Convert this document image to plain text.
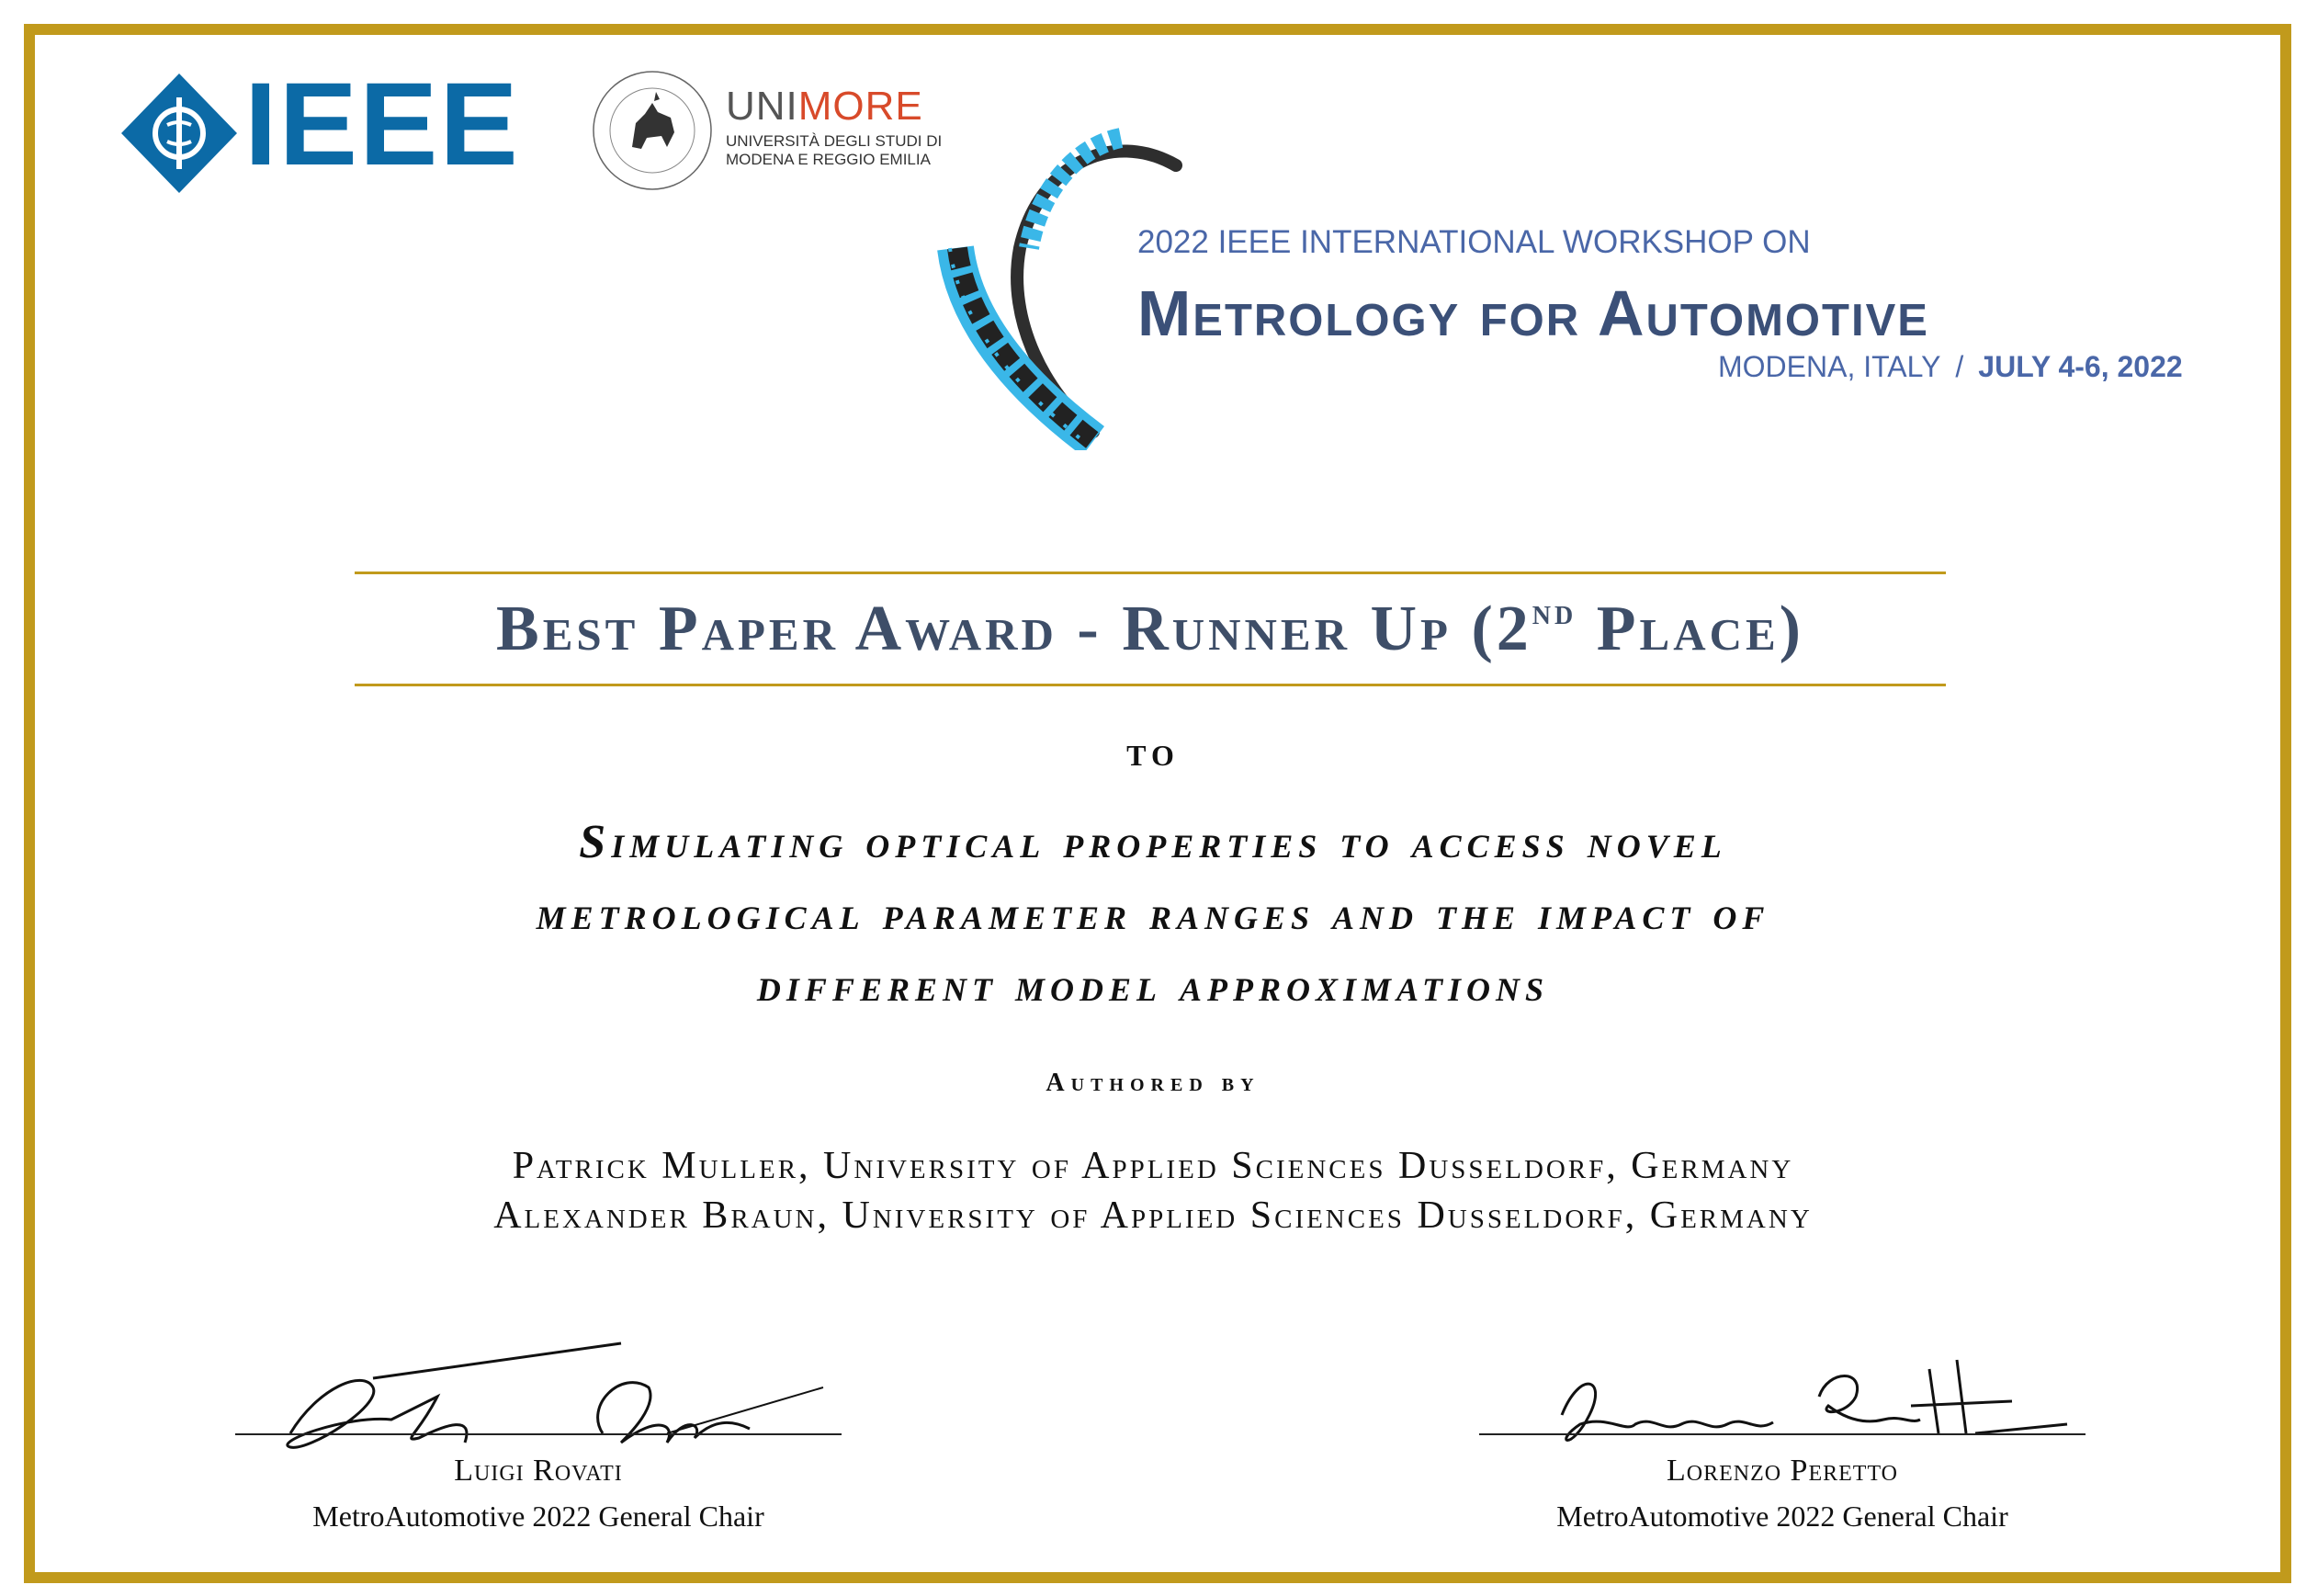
IEEE	UNIMORE
UNIVERSITÀ DEGLI STUDI DI
MODENA E REGGIO EMILIA
2022 IEEE INTERNATIONAL WORKSHOP ON
Metrology for Automotive
MODENA, ITALY / JULY 4-6, 2022
Best Paper Award - Runner Up (2nd Place)
TO
Simulating optical properties to access novel
metrological parameter ranges and the impact of
different model approximations
Authored by
Patrick Muller, University of Applied Sciences Dusseldorf, Germany
Alexander Braun, University of Applied Sciences Dusseldorf, Germany
Luigi Rovati
MetroAutomotive 2022 General Chair
Lorenzo Peretto
MetroAutomotive 2022 General Chair
